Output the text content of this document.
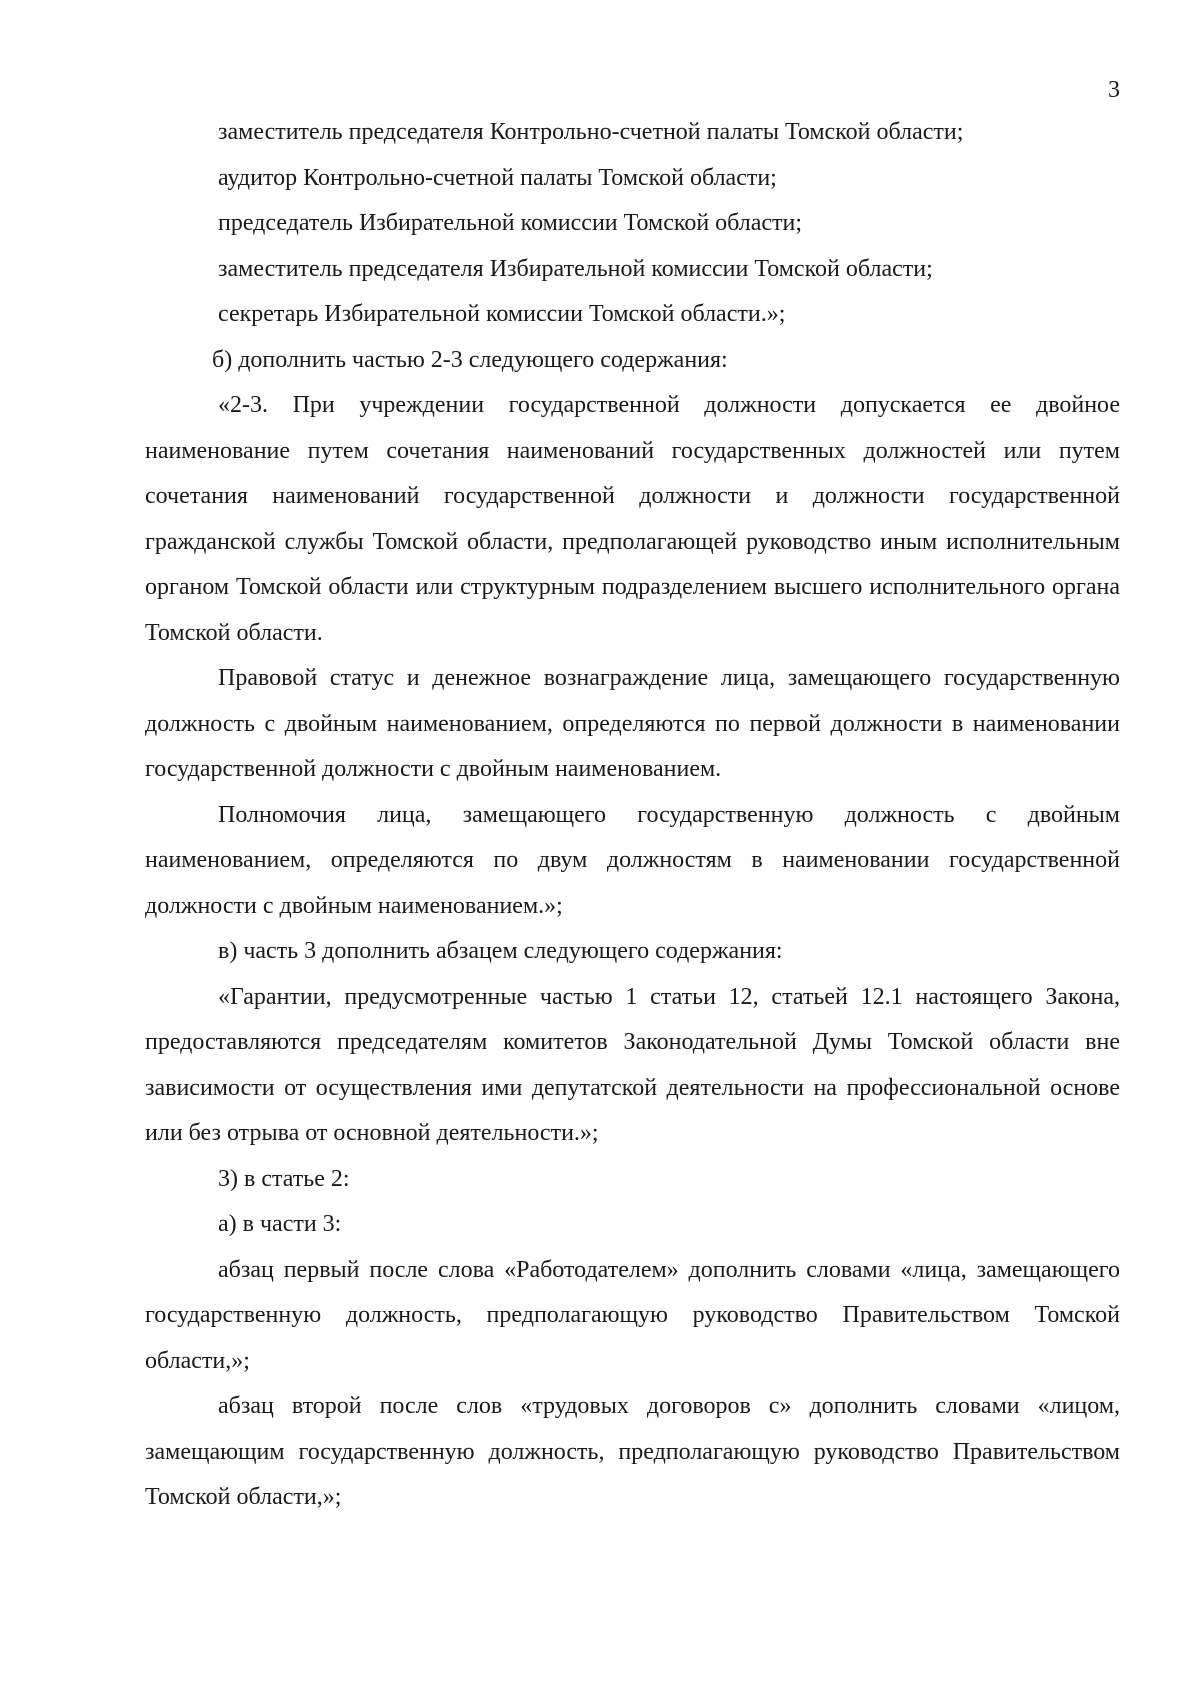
3

заместитель председателя Контрольно-счетной палаты Томской области;

аудитор Контрольно-счетной палаты Томской области;

председатель Избирательной комиссии Томской области;

заместитель председателя Избирательной комиссии Томской области;

секретарь Избирательной комиссии Томской области.»;

б) дополнить частью 2-3 следующего содержания:

«2-3. При учреждении государственной должности допускается ее двойное наименование путем сочетания наименований государственных должностей или путем сочетания наименований государственной должности и должности государственной гражданской службы Томской области, предполагающей руководство иным исполнительным органом Томской области или структурным подразделением высшего исполнительного органа Томской области.

Правовой статус и денежное вознаграждение лица, замещающего государственную должность с двойным наименованием, определяются по первой должности в наименовании государственной должности с двойным наименованием.

Полномочия лица, замещающего государственную должность с двойным наименованием, определяются по двум должностям в наименовании государственной должности с двойным наименованием.»;

в) часть 3 дополнить абзацем следующего содержания:

«Гарантии, предусмотренные частью 1 статьи 12, статьей 12.1 настоящего Закона, предоставляются председателям комитетов Законодательной Думы Томской области вне зависимости от осуществления ими депутатской деятельности на профессиональной основе или без отрыва от основной деятельности.»;

3) в статье 2:

а) в части 3:

абзац первый после слова «Работодателем» дополнить словами «лица, замещающего государственную должность, предполагающую руководство Правительством Томской области,»;

абзац второй после слов «трудовых договоров с» дополнить словами «лицом, замещающим государственную должность, предполагающую руководство Правительством Томской области,»;
